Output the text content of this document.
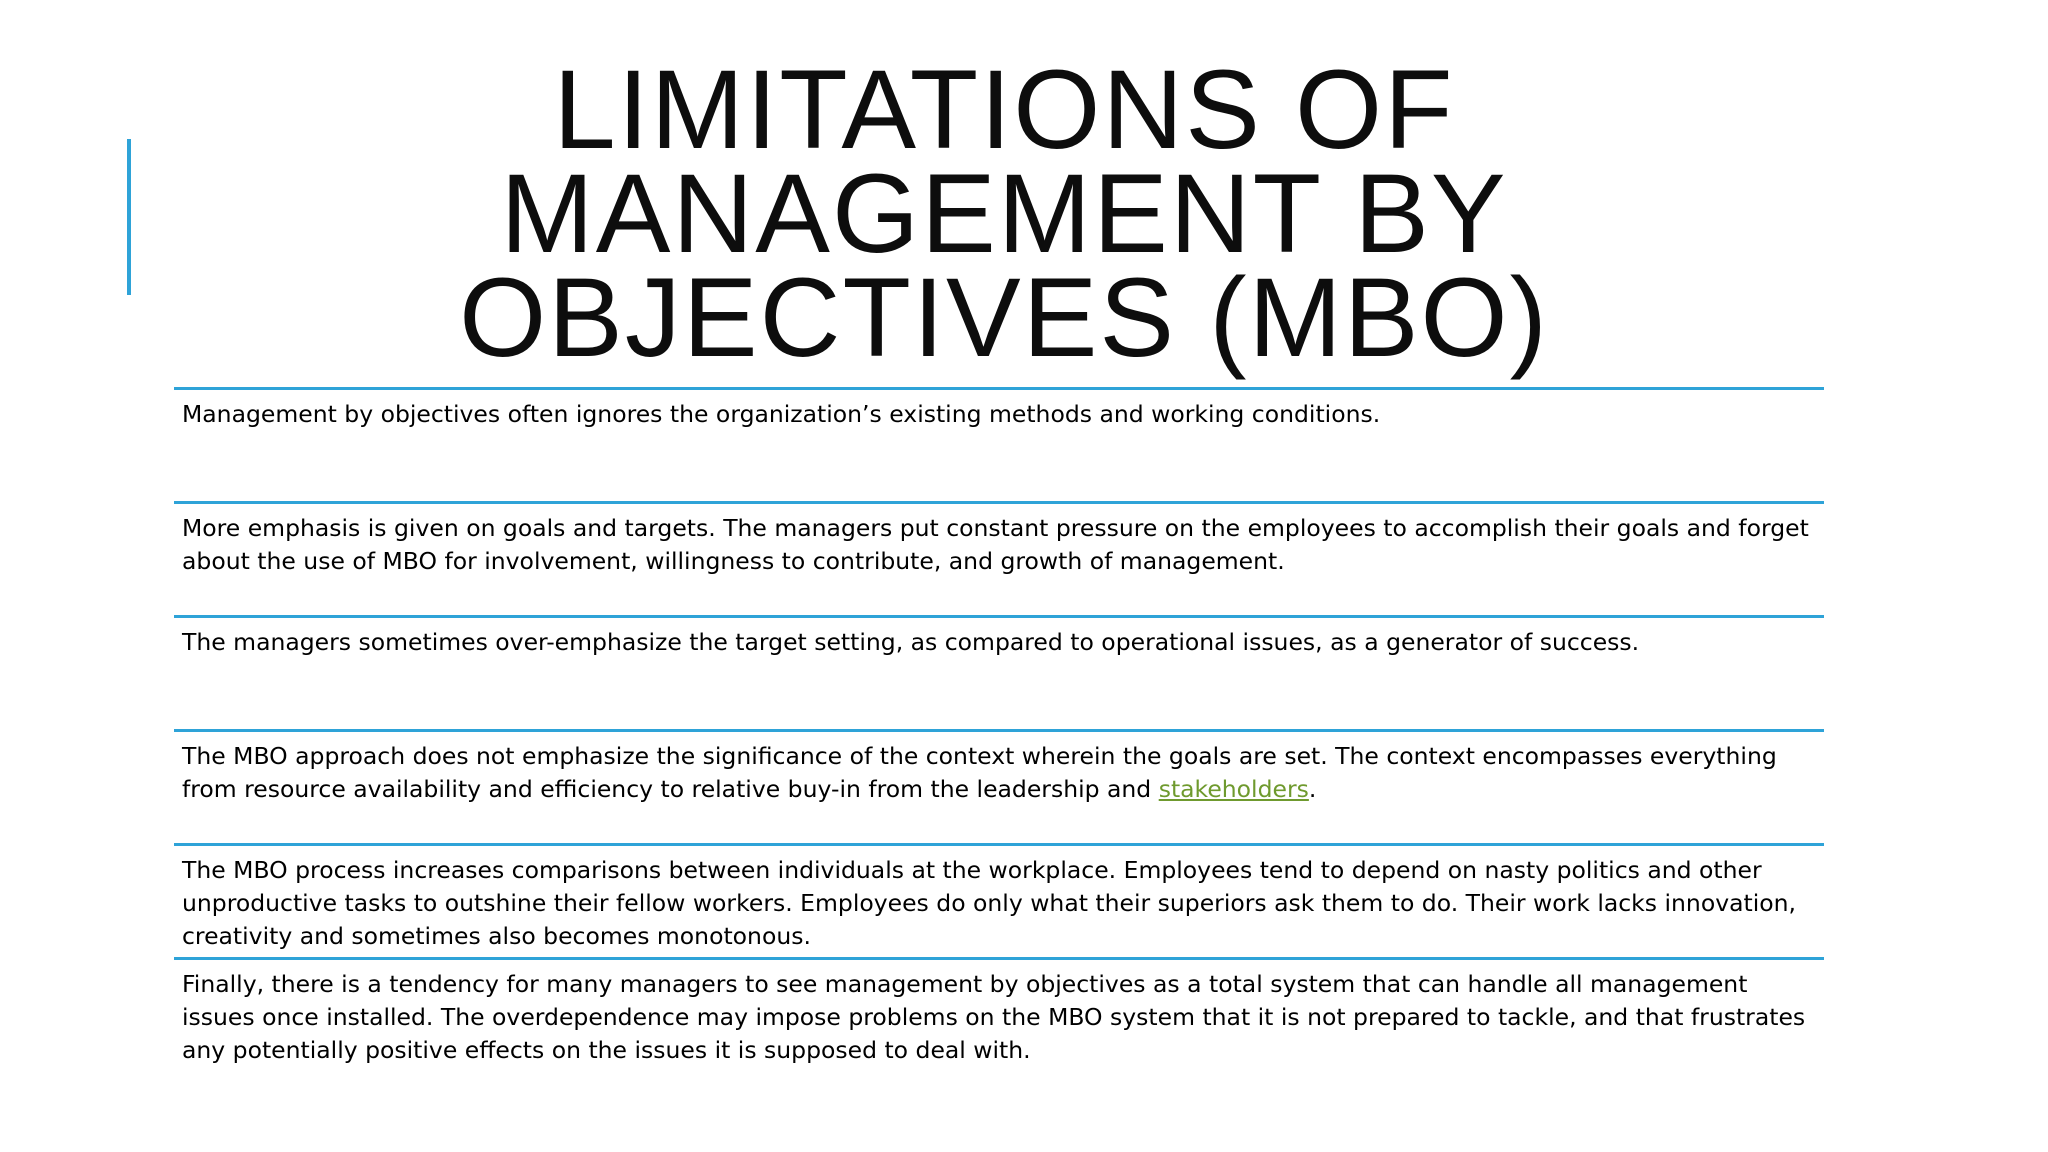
LIMITATIONS OF
MANAGEMENT BY
OBJECTIVES (MBO)
Management by objectives often ignores the organization’s existing methods and working conditions.
More emphasis is given on goals and targets. The managers put constant pressure on the employees to accomplish their goals and forget about the use of MBO for involvement, willingness to contribute, and growth of management.
The managers sometimes over-emphasize the target setting, as compared to operational issues, as a generator of success.
The MBO approach does not emphasize the significance of the context wherein the goals are set. The context encompasses everything from resource availability and efficiency to relative buy-in from the leadership and stakeholders.
The MBO process increases comparisons between individuals at the workplace. Employees tend to depend on nasty politics and other unproductive tasks to outshine their fellow workers. Employees do only what their superiors ask them to do. Their work lacks innovation, creativity and sometimes also becomes monotonous.
Finally, there is a tendency for many managers to see management by objectives as a total system that can handle all management issues once installed. The overdependence may impose problems on the MBO system that it is not prepared to tackle, and that frustrates any potentially positive effects on the issues it is supposed to deal with.
